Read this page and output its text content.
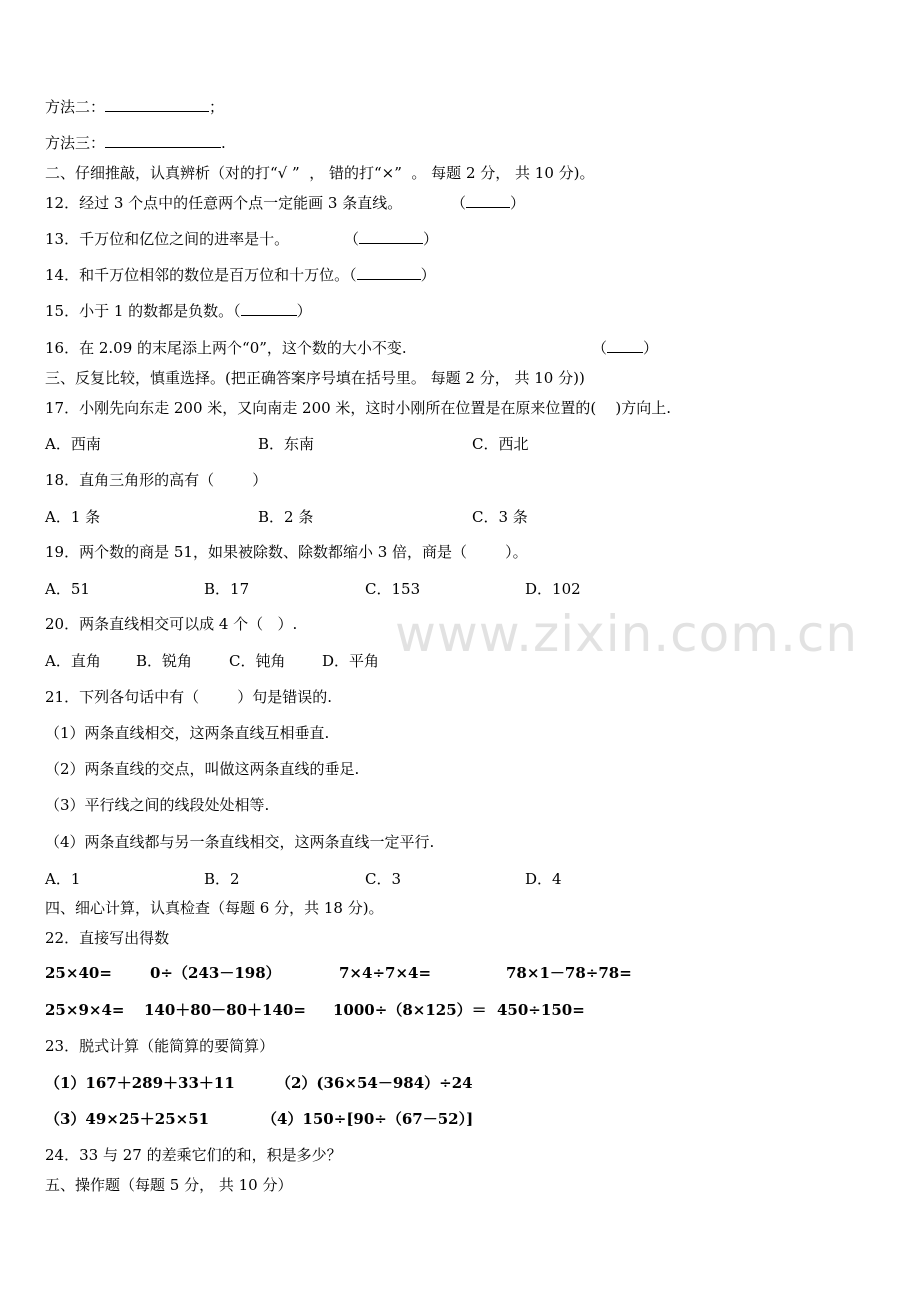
方法二：	；
方法三：	.
二、仔细推敲，认真辨析（对的打“√ ”  ， 错的打“×”  。 每题 2 分， 共 10 分)。
12．经过 3 个点中的任意两个点一定能画 3 条直线。	（	）
13．千万位和亿位之间的进率是十。	（	）
14．和千万位相邻的数位是百万位和十万位。（	）
15．小于 1 的数都是负数。（	）
16．在 2.09 的末尾添上两个“0”，这个数的大小不变.	（ ）
三、反复比较，慎重选择。(把正确答案序号填在括号里。 每题 2 分， 共 10 分))
17．小刚先向东走 200 米，又向南走 200 米，这时小刚所在位置是在原来位置的(    )方向上.
A．西南	B．东南	C．西北
18．直角三角形的高有（        ）
A．1 条	B．2 条	C．3 条
19．两个数的商是 51，如果被除数、除数都缩小 3 倍，商是（        ）。
A．51	B．17	C．153	D．102
20．两条直线相交可以成 4 个（   ）.
A．直角 B．锐角 C．钝角 D．平角
21．下列各句话中有（        ）句是错误的.
（1）两条直线相交，这两条直线互相垂直.
（2）两条直线的交点，叫做这两条直线的垂足.
（3）平行线之间的线段处处相等.
（4）两条直线都与另一条直线相交，这两条直线一定平行.
A．1	B．2	C．3	D．4
四、细心计算，认真检查（每题 6 分，共 18 分)。
22．直接写出得数
25×40=	0÷（243－198）	7×4÷7×4=	78×1－78÷78=
25×9×4= 140＋80－80＋140= 1000÷（8×125）＝ 450÷150=
23．脱式计算（能简算的要简算）
（1）167＋289＋33＋11	（2）(36×54－984）÷24
（3）49×25＋25×51	（4）150÷[90÷（67－52）]
24．33 与 27 的差乘它们的和，积是多少？
五、操作题（每题 5 分， 共 10 分）
www.zixin.com.cn
